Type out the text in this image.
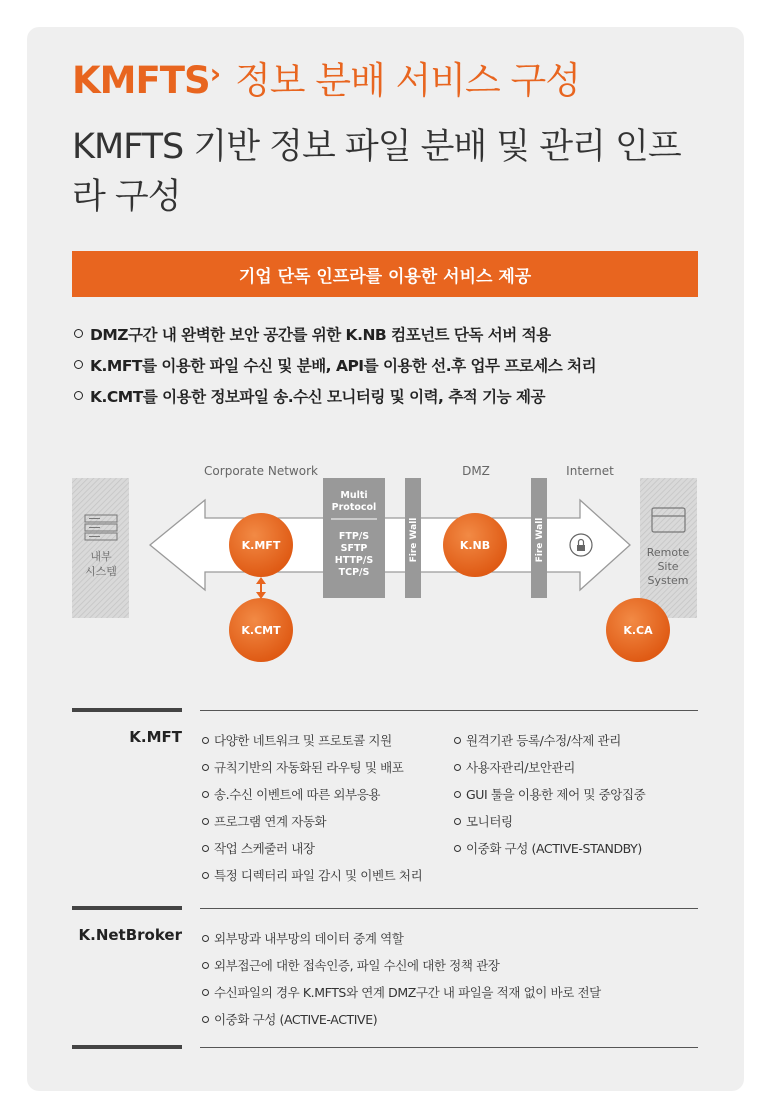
KMFTS› 정보 분배 서비스 구성
KMFTS 기반 정보 파일 분배 및 관리 인프라 구성
기업 단독 인프라를 이용한 서비스 제공
DMZ구간 내 완벽한 보안 공간를 위한 K.NB 컴포넌트 단독 서버 적용
K.MFT를 이용한 파일 수신 및 분배, API를 이용한 선.후 업무 프로세스 처리
K.CMT를 이용한 정보파일 송.수신 모니터링 및 이력, 추적 기능 제공
Corporate Network	DMZ	Internet
내부
시스템
Remote
Site
System
Multi
Protocol
FTP/S
SFTP
HTTP/S
TCP/S
Fire Wall	Fire Wall
K.MFT
K.CMT
K.NB
K.CA
K.MFT	다양한 네트워크 및 프로토콜 지원
규칙기반의 자동화된 라우팅 및 배포
송.수신 이벤트에 따른 외부응용
프로그램 연계 자동화
작업 스케줄러 내장
특정 디렉터리 파일 감시 및 이벤트 처리
원격기관 등록/수정/삭제 관리
사용자관리/보안관리
GUI 툴을 이용한 제어 및 중앙집중
모니터링
이중화 구성 (ACTIVE-STANDBY)
K.NetBroker	외부망과 내부망의 데이터 중계 역할
외부접근에 대한 접속인증, 파일 수신에 대한 정책 관장
수신파일의 경우 K.MFTS와 연계 DMZ구간 내 파일을 적재 없이 바로 전달
이중화 구성 (ACTIVE-ACTIVE)
